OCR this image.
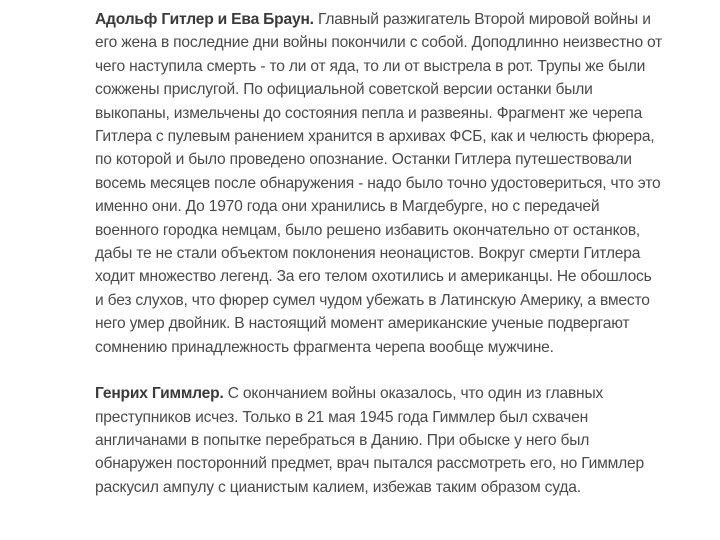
Адольф Гитлер и Ева Браун. Главный разжигатель Второй мировой войны и
его жена в последние дни войны покончили с собой. Доподлинно неизвестно от
чего наступила смерть - то ли от яда, то ли от выстрела в рот. Трупы же были
сожжены прислугой. По официальной советской версии останки были
выкопаны, измельчены до состояния пепла и развеяны. Фрагмент же черепа
Гитлера с пулевым ранением хранится в архивах ФСБ, как и челюсть фюрера,
по которой и было проведено опознание. Останки Гитлера путешествовали
восемь месяцев после обнаружения - надо было точно удостовериться, что это
именно они. До 1970 года они хранились в Магдебурге, но с передачей
военного городка немцам, было решено избавить окончательно от останков,
дабы те не стали объектом поклонения неонацистов. Вокруг смерти Гитлера
ходит множество легенд. За его телом охотились и американцы. Не обошлось
и без слухов, что фюрер сумел чудом убежать в Латинскую Америку, а вместо
него умер двойник. В настоящий момент американские ученые подвергают
сомнению принадлежность фрагмента черепа вообще мужчине.

Генрих Гиммлер. С окончанием войны оказалось, что один из главных
преступников исчез. Только в 21 мая 1945 года Гиммлер был схвачен
англичанами в попытке перебраться в Данию. При обыске у него был
обнаружен посторонний предмет, врач пытался рассмотреть его, но Гиммлер
раскусил ампулу с цианистым калием, избежав таким образом суда.
